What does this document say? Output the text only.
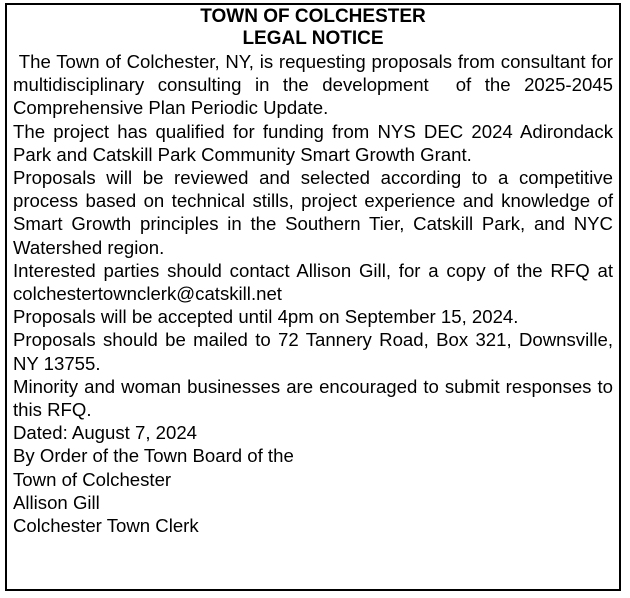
TOWN OF COLCHESTER
LEGAL NOTICE

The Town of Colchester, NY, is requesting proposals from consultant for multidisciplinary consulting in the development  of the 2025-2045 Comprehensive Plan Periodic Update.

The project has qualified for funding from NYS DEC 2024 Adirondack Park and Catskill Park Community Smart Growth Grant.

Proposals will be reviewed and selected according to a competitive process based on technical stills, project experience and knowledge of Smart Growth principles in the Southern Tier, Catskill Park, and NYC Watershed region.

Interested parties should contact Allison Gill, for a copy of the RFQ at colchestertownclerk@catskill.net

Proposals will be accepted until 4pm on September 15, 2024.

Proposals should be mailed to 72 Tannery Road, Box 321, Downsville, NY 13755.

Minority and woman businesses are encouraged to submit responses to this RFQ.

Dated: August 7, 2024
By Order of the Town Board of the
Town of Colchester
Allison Gill
Colchester Town Clerk
